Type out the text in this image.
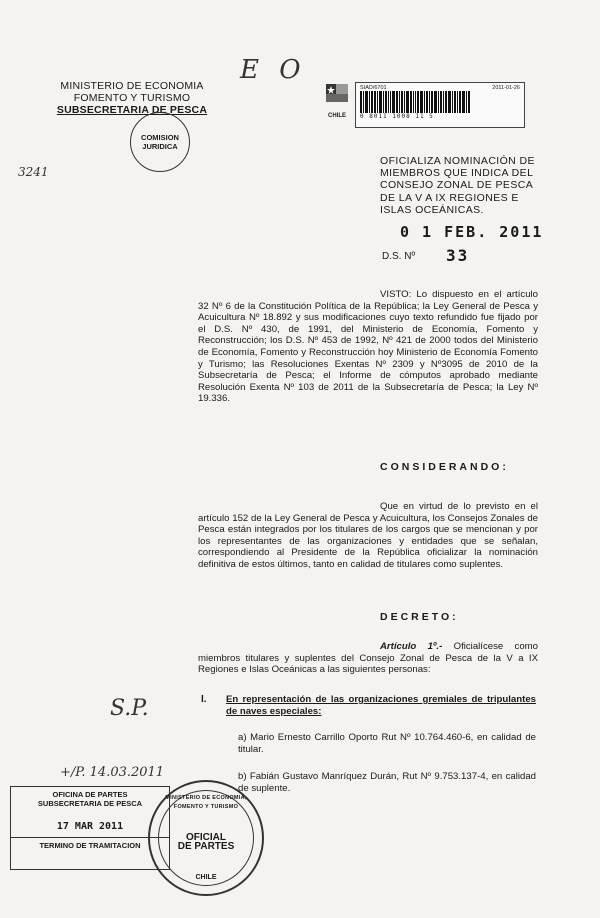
MINISTERIO DE ECONOMIA
FOMENTO Y TURISMO
SUBSECRETARIA DE PESCA
E O
3241
COMISION
JURIDICA
CHILE
SIAD/6701	2011-01-26
0 8011 1008 11 5
OFICIALIZA NOMINACIÓN DE
MIEMBROS QUE INDICA DEL
CONSEJO ZONAL DE PESCA
DE LA V A IX REGIONES E
ISLAS OCEÁNICAS.
0 1 FEB. 2011
D.S. Nº 33
VISTO: Lo dispuesto en el artículo 32 Nº 6 de la Constitución Política de la República; la Ley General de Pesca y Acuicultura Nº 18.892 y sus modificaciones cuyo texto refundido fue fijado por el D.S. Nº 430, de 1991, del Ministerio de Economía, Fomento y Reconstrucción; los D.S. Nº 453 de 1992, Nº 421 de 2000 todos del Ministerio de Economía, Fomento y Reconstrucción hoy Ministerio de Economía Fomento y Turismo; las Resoluciones Exentas Nº 2309 y Nº3095 de 2010 de la Subsecretaría de Pesca; el Informe de cómputos aprobado mediante Resolución Exenta Nº 103 de 2011 de la Subsecretaría de Pesca; la Ley Nº 19.336.
CONSIDERANDO:
Que en virtud de lo previsto en el artículo 152 de la Ley General de Pesca y Acuicultura, los Consejos Zonales de Pesca están integrados por los titulares de los cargos que se mencionan y por los representantes de las organizaciones y entidades que se señalan, correspondiendo al Presidente de la República oficializar la nominación definitiva de estos últimos, tanto en calidad de titulares como suplentes.
DECRETO:
Artículo 1º.- Oficialícese como miembros titulares y suplentes del Consejo Zonal de Pesca de la V a IX Regiones e Islas Oceánicas a las siguientes personas:
I. En representación de las organizaciones gremiales de tripulantes de naves especiales:
a) Mario Ernesto Carrillo Oporto Rut Nº 10.764.460-6, en calidad de titular.
b) Fabián Gustavo Manríquez Durán, Rut Nº 9.753.137-4, en calidad de suplente.
S.P.
+/P. 14.03.2011
OFICINA DE PARTES
SUBSECRETARIA DE PESCA
17 MAR 2011
TERMINO DE TRAMITACION
MINISTERIO DE ECONOMIA, FOMENTO Y TURISMO
OFICIAL
DE PARTES
CHILE
